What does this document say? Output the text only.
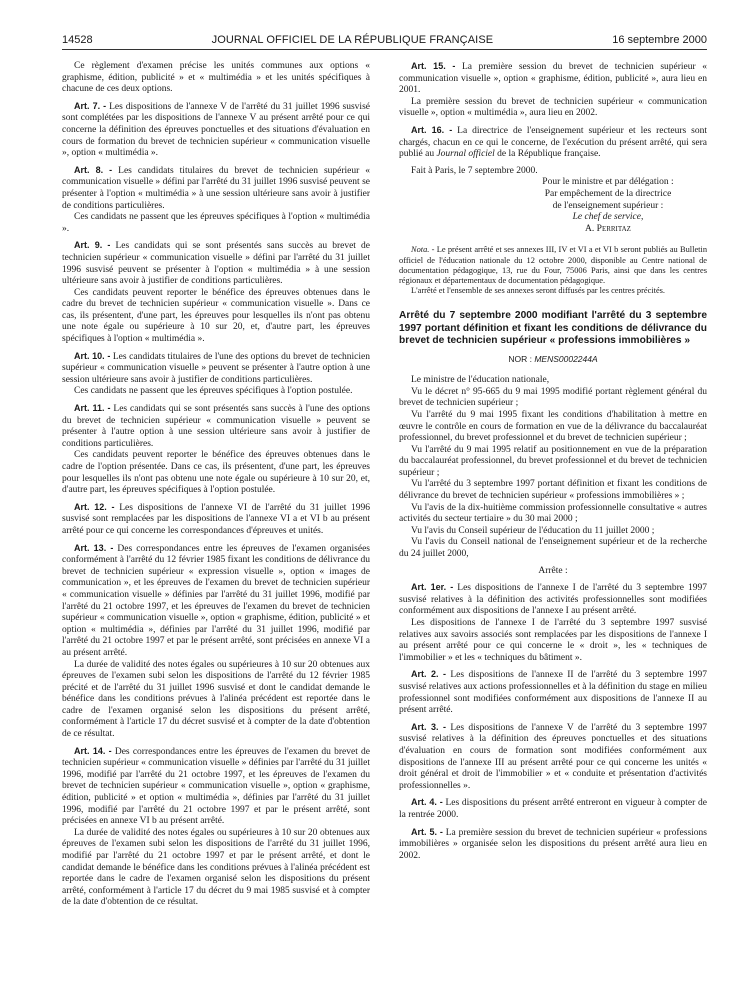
14528	JOURNAL OFFICIEL DE LA RÉPUBLIQUE FRANÇAISE	16 septembre 2000

Ce règlement d'examen précise les unités communes aux options « graphisme, édition, publicité » et « multimédia » et les unités spécifiques à chacune de ces deux options.

Art. 7. - Les dispositions de l'annexe V de l'arrêté du 31 juillet 1996 susvisé sont complétées par les dispositions de l'annexe V au présent arrêté pour ce qui concerne la définition des épreuves ponctuelles et des situations d'évaluation en cours de formation du brevet de technicien supérieur « communication visuelle », option « multimédia ».

Art. 8. - Les candidats titulaires du brevet de technicien supérieur « communication visuelle » défini par l'arrêté du 31 juillet 1996 susvisé peuvent se présenter à l'option « multimédia » à une session ultérieure sans avoir à justifier de conditions particulières.

Ces candidats ne passent que les épreuves spécifiques à l'option « multimédia ».

Art. 9. - Les candidats qui se sont présentés sans succès au brevet de technicien supérieur « communication visuelle » défini par l'arrêté du 31 juillet 1996 susvisé peuvent se présenter à l'option « multimédia » à une session ultérieure sans avoir à justifier de conditions particulières.

Ces candidats peuvent reporter le bénéfice des épreuves obtenues dans le cadre du brevet de technicien supérieur « communication visuelle ». Dans ce cas, ils présentent, d'une part, les épreuves pour lesquelles ils n'ont pas obtenu une note égale ou supérieure à 10 sur 20, et, d'autre part, les épreuves spécifiques à l'option « multimédia ».

Art. 10. - Les candidats titulaires de l'une des options du brevet de technicien supérieur « communication visuelle » peuvent se présenter à l'autre option à une session ultérieure sans avoir à justifier de conditions particulières.

Ces candidats ne passent que les épreuves spécifiques à l'option postulée.

Art. 11. - Les candidats qui se sont présentés sans succès à l'une des options du brevet de technicien supérieur « communication visuelle » peuvent se présenter à l'autre option à une session ultérieure sans avoir à justifier de conditions particulières.

Ces candidats peuvent reporter le bénéfice des épreuves obtenues dans le cadre de l'option présentée. Dans ce cas, ils présentent, d'une part, les épreuves pour lesquelles ils n'ont pas obtenu une note égale ou supérieure à 10 sur 20, et, d'autre part, les épreuves spécifiques à l'option postulée.

Art. 12. - Les dispositions de l'annexe VI de l'arrêté du 31 juillet 1996 susvisé sont remplacées par les dispositions de l'annexe VI a et VI b au présent arrêté pour ce qui concerne les correspondances d'épreuves et unités.

Art. 13. - Des correspondances entre les épreuves de l'examen organisées conformément à l'arrêté du 12 février 1985 fixant les conditions de délivrance du brevet de technicien supérieur « expression visuelle », option « images de communication », et les épreuves de l'examen du brevet de technicien supérieur « communication visuelle » définies par l'arrêté du 31 juillet 1996, modifié par l'arrêté du 21 octobre 1997, et les épreuves de l'examen du brevet de technicien supérieur « communication visuelle », option « graphisme, édition, publicité » et option « multimédia », définies par l'arrêté du 31 juillet 1996, modifié par l'arrêté du 21 octobre 1997 et par le présent arrêté, sont précisées en annexe VI a au présent arrêté.

La durée de validité des notes égales ou supérieures à 10 sur 20 obtenues aux épreuves de l'examen subi selon les dispositions de l'arrêté du 12 février 1985 précité et de l'arrêté du 31 juillet 1996 susvisé et dont le candidat demande le bénéfice dans les conditions prévues à l'alinéa précédent est reportée dans le cadre de l'examen organisé selon les dispositions du présent arrêté, conformément à l'article 17 du décret susvisé et à compter de la date d'obtention de ce résultat.

Art. 14. - Des correspondances entre les épreuves de l'examen du brevet de technicien supérieur « communication visuelle » définies par l'arrêté du 31 juillet 1996, modifié par l'arrêté du 21 octobre 1997, et les épreuves de l'examen du brevet de technicien supérieur « communication visuelle », option « graphisme, édition, publicité » et option « multimédia », définies par l'arrêté du 31 juillet 1996, modifié par l'arrêté du 21 octobre 1997 et par le présent arrêté, sont précisées en annexe VI b au présent arrêté.

La durée de validité des notes égales ou supérieures à 10 sur 20 obtenues aux épreuves de l'examen subi selon les dispositions de l'arrêté du 31 juillet 1996, modifié par l'arrêté du 21 octobre 1997 et par le présent arrêté, et dont le candidat demande le bénéfice dans les conditions prévues à l'alinéa précédent est reportée dans le cadre de l'examen organisé selon les dispositions du présent arrêté, conformément à l'article 17 du décret du 9 mai 1985 susvisé et à compter de la date d'obtention de ce résultat.

Art. 15. - La première session du brevet de technicien supérieur « communication visuelle », option « graphisme, édition, publicité », aura lieu en 2001.

La première session du brevet de technicien supérieur « communication visuelle », option « multimédia », aura lieu en 2002.

Art. 16. - La directrice de l'enseignement supérieur et les recteurs sont chargés, chacun en ce qui le concerne, de l'exécution du présent arrêté, qui sera publié au Journal officiel de la République française.

Fait à Paris, le 7 septembre 2000.

Pour le ministre et par délégation :
Par empêchement de la directrice
de l'enseignement supérieur :
Le chef de service,
A. Perritaz

Nota. - Le présent arrêté et ses annexes III, IV et VI a et VI b seront publiés au Bulletin officiel de l'éducation nationale du 12 octobre 2000, disponible au Centre national de documentation pédagogique, 13, rue du Four, 75006 Paris, ainsi que dans les centres régionaux et départementaux de documentation pédagogique.

L'arrêté et l'ensemble de ses annexes seront diffusés par les centres précités.

Arrêté du 7 septembre 2000 modifiant l'arrêté du 3 septembre 1997 portant définition et fixant les conditions de délivrance du brevet de technicien supérieur « professions immobilières »

NOR : MENS0002244A

Le ministre de l'éducation nationale,

Vu le décret n° 95-665 du 9 mai 1995 modifié portant règlement général du brevet de technicien supérieur ;

Vu l'arrêté du 9 mai 1995 fixant les conditions d'habilitation à mettre en œuvre le contrôle en cours de formation en vue de la délivrance du baccalauréat professionnel, du brevet professionnel et du brevet de technicien supérieur ;

Vu l'arrêté du 9 mai 1995 relatif au positionnement en vue de la préparation du baccalauréat professionnel, du brevet professionnel et du brevet de technicien supérieur ;

Vu l'arrêté du 3 septembre 1997 portant définition et fixant les conditions de délivrance du brevet de technicien supérieur « professions immobilières » ;

Vu l'avis de la dix-huitième commission professionnelle consultative « autres activités du secteur tertiaire » du 30 mai 2000 ;

Vu l'avis du Conseil supérieur de l'éducation du 11 juillet 2000 ;

Vu l'avis du Conseil national de l'enseignement supérieur et de la recherche du 24 juillet 2000,

Arrête :

Art. 1er. - Les dispositions de l'annexe I de l'arrêté du 3 septembre 1997 susvisé relatives à la définition des activités professionnelles sont modifiées conformément aux dispositions de l'annexe I au présent arrêté.

Les dispositions de l'annexe I de l'arrêté du 3 septembre 1997 susvisé relatives aux savoirs associés sont remplacées par les dispositions de l'annexe I au présent arrêté pour ce qui concerne le « droit », les « techniques de l'immobilier » et les « techniques du bâtiment ».

Art. 2. - Les dispositions de l'annexe II de l'arrêté du 3 septembre 1997 susvisé relatives aux actions professionnelles et à la définition du stage en milieu professionnel sont modifiées conformément aux dispositions de l'annexe II au présent arrêté.

Art. 3. - Les dispositions de l'annexe V de l'arrêté du 3 septembre 1997 susvisé relatives à la définition des épreuves ponctuelles et des situations d'évaluation en cours de formation sont modifiées conformément aux dispositions de l'annexe III au présent arrêté pour ce qui concerne les unités « droit général et droit de l'immobilier » et « conduite et présentation d'activités professionnelles ».

Art. 4. - Les dispositions du présent arrêté entreront en vigueur à compter de la rentrée 2000.

Art. 5. - La première session du brevet de technicien supérieur « professions immobilières » organisée selon les dispositions du présent arrêté aura lieu en 2002.
